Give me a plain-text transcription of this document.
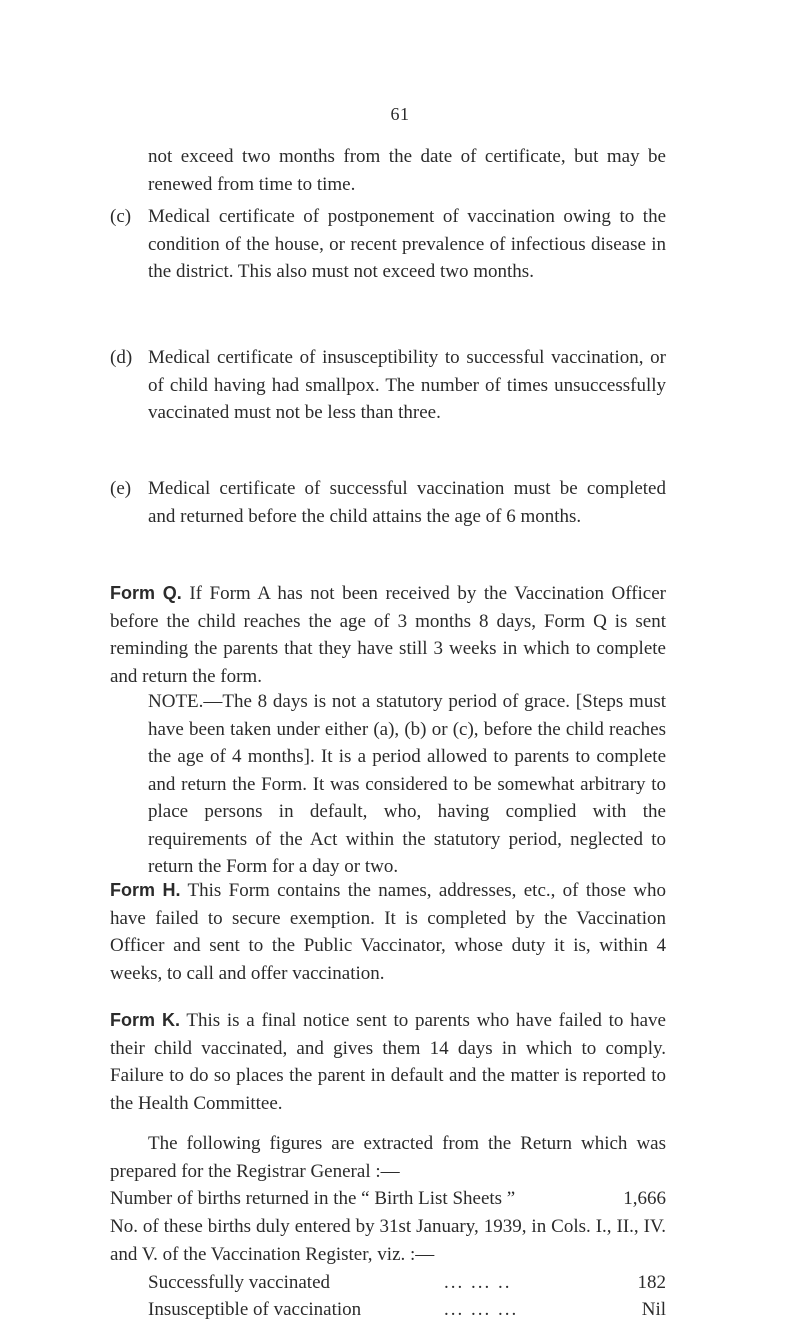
61
not exceed two months from the date of certificate, but may be renewed from time to time.
(c) Medical certificate of postponement of vaccination owing to the condition of the house, or recent prevalence of infectious disease in the district. This also must not exceed two months.
(d) Medical certificate of insusceptibility to successful vaccination, or of child having had smallpox. The number of times unsuccessfully vaccinated must not be less than three.
(e) Medical certificate of successful vaccination must be completed and returned before the child attains the age of 6 months.
Form Q. If Form A has not been received by the Vaccination Officer before the child reaches the age of 3 months 8 days, Form Q is sent reminding the parents that they have still 3 weeks in which to complete and return the form.
NOTE.—The 8 days is not a statutory period of grace. [Steps must have been taken under either (a), (b) or (c), before the child reaches the age of 4 months]. It is a period allowed to parents to complete and return the Form. It was considered to be somewhat arbitrary to place persons in default, who, having complied with the requirements of the Act within the statutory period, neglected to return the Form for a day or two.
Form H. This Form contains the names, addresses, etc., of those who have failed to secure exemption. It is completed by the Vaccination Officer and sent to the Public Vaccinator, whose duty it is, within 4 weeks, to call and offer vaccination.
Form K. This is a final notice sent to parents who have failed to have their child vaccinated, and gives them 14 days in which to comply. Failure to do so places the parent in default and the matter is reported to the Health Committee.
The following figures are extracted from the Return which was prepared for the Registrar General :—
Number of births returned in the “ Birth List Sheets ”	1,666
No. of these births duly entered by 31st January, 1939, in Cols. I., II., IV. and V. of the Vaccination Register, viz. :—
Successfully vaccinated	... ... ..	182
Insusceptible of vaccination	... ... ...	Nil
